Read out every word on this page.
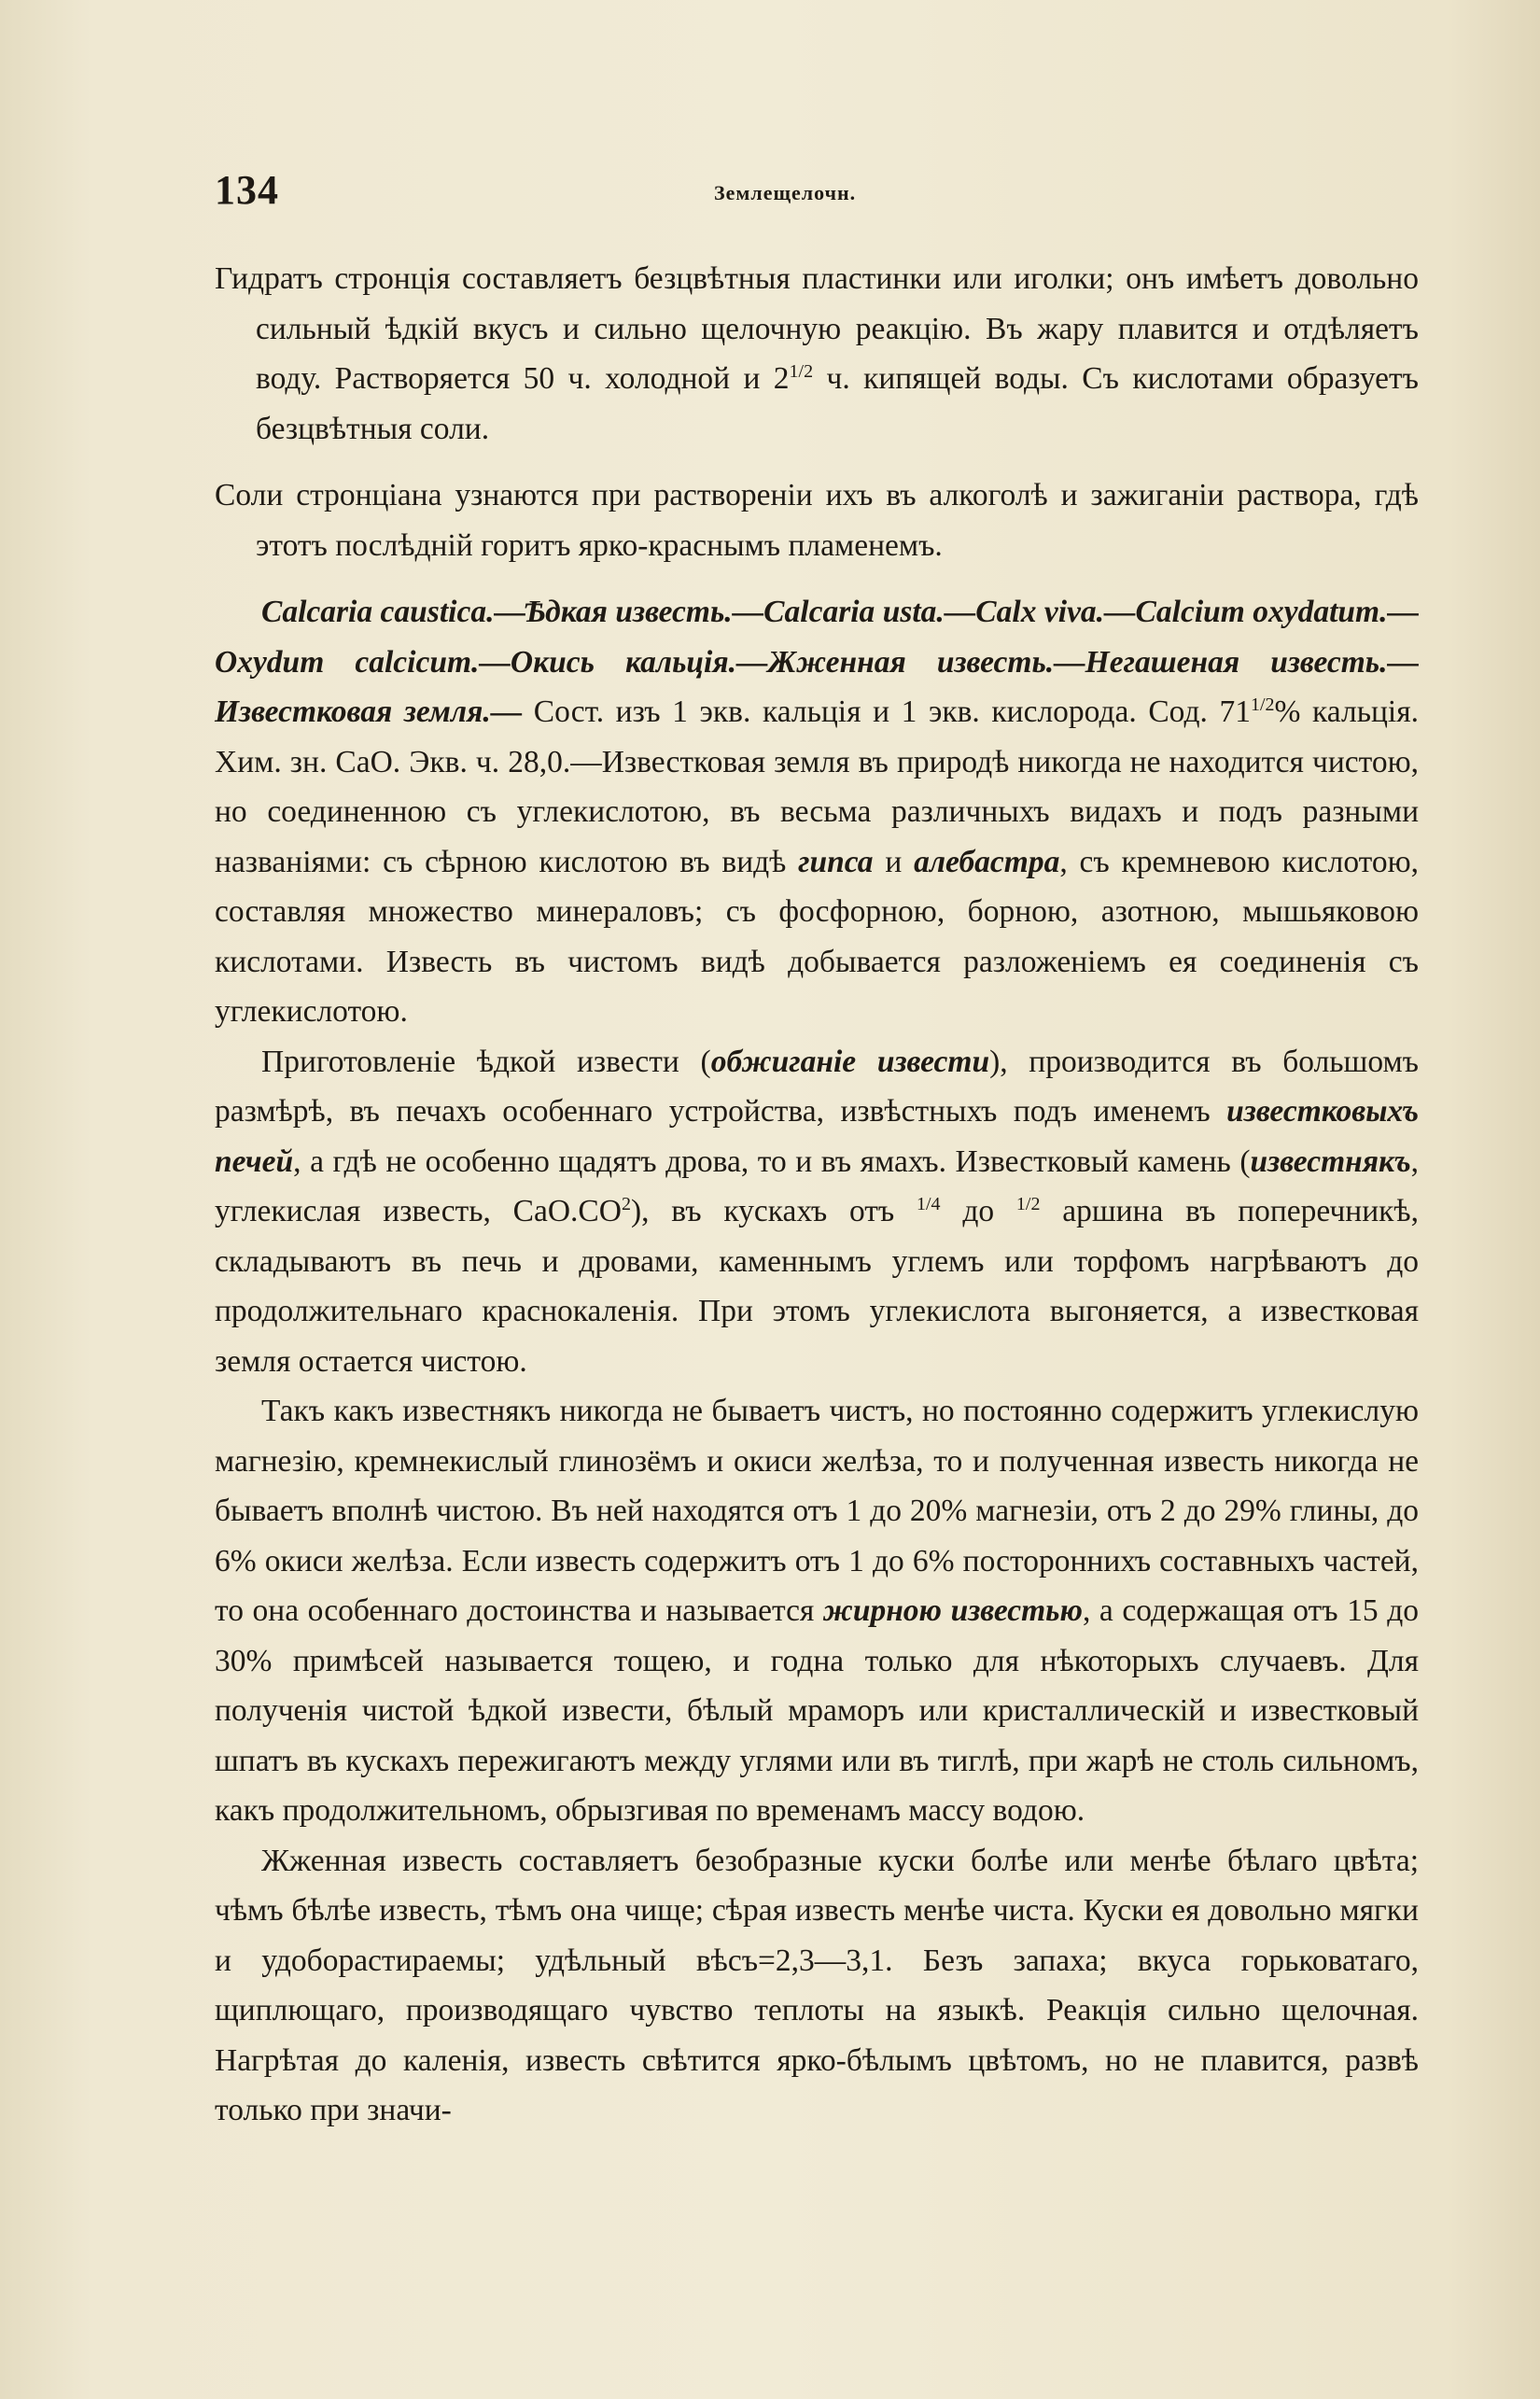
134	Землещелочн.

Гидратъ стронція составляетъ безцвѣтныя пластинки или иголки; онъ имѣетъ довольно сильный ѣдкій вкусъ и сильно щелочную реакцію. Въ жару плавится и отдѣляетъ воду. Растворяется 50 ч. холодной и $2^{1/2}$ ч. кипящей воды. Съ кислотами образуетъ безцвѣтныя соли.

Соли стронціана узнаются при раствореніи ихъ въ алкоголѣ и зажиганіи раствора, гдѣ этотъ послѣдній горитъ ярко-краснымъ пламенемъ.

Calcaria caustica.—Ѣдкая известь.—Calcaria usta.—Calx viva.—Calcium oxydatum.—Oxydum calcicum.—Окись кальція.—Жженная известь.—Негашеная известь.— Известковая земля.— Сост. изъ 1 экв. кальція и 1 экв. кислорода. Сод. $71^{1/2}\%$ кальція. Хим. зн. СаО. Экв. ч. 28,0.—Известковая земля въ природѣ никогда не находится чистою, но соединенною съ углекислотою, въ весьма различныхъ видахъ и подъ разными названіями: съ сѣрною кислотою въ видѣ гипса и алебастра, съ кремневою кислотою, составляя множество минераловъ; съ фосфорною, борною, азотною, мышьяковою кислотами. Известь въ чистомъ видѣ добывается разложеніемъ ея соединенія съ углекислотою.

Приготовленіе ѣдкой извести (обжиганіе извести), производится въ большомъ размѣрѣ, въ печахъ особеннаго устройства, извѣстныхъ подъ именемъ известковыхъ печей, а гдѣ не особенно щадятъ дрова, то и въ ямахъ. Известковый камень (известнякъ, углекислая известь, $СаО.СО^2$), въ кускахъ отъ $^{1/4}$ до $^{1/2}$ аршина въ поперечникѣ, складываютъ въ печь и дровами, каменнымъ углемъ или торфомъ нагрѣваютъ до продолжительнаго краснокаленія. При этомъ углекислота выгоняется, а известковая земля остается чистою.

Такъ какъ известнякъ никогда не бываетъ чистъ, но постоянно содержитъ углекислую магнезію, кремнекислый глинозёмъ и окиси желѣза, то и полученная известь никогда не бываетъ вполнѣ чистою. Въ ней находятся отъ 1 до 20% магнезіи, отъ 2 до 29% глины, до 6% окиси желѣза. Если известь содержитъ отъ 1 до 6% постороннихъ составныхъ частей, то она особеннаго достоинства и называется жирною известью, а содержащая отъ 15 до 30% примѣсей называется тощею, и годна только для нѣкоторыхъ случаевъ. Для полученія чистой ѣдкой извести, бѣлый мраморъ или кристаллическій и известковый шпатъ въ кускахъ пережигаютъ между углями или въ тиглѣ, при жарѣ не столь сильномъ, какъ продолжительномъ, обрызгивая по временамъ массу водою.

Жженная известь составляетъ безобразные куски болѣе или менѣе бѣлаго цвѣта; чѣмъ бѣлѣе известь, тѣмъ она чище; сѣрая известь менѣе чиста. Куски ея довольно мягки и удобоpастираемы; удѣльный вѣсъ=2,3—3,1. Безъ запаха; вкуса горьковатаго, щиплющаго, производящаго чувство теплоты на языкѣ. Реакція сильно щелочная. Нагрѣтая до каленія, известь свѣтится ярко-бѣлымъ цвѣтомъ, но не плавится, развѣ только при значи-
